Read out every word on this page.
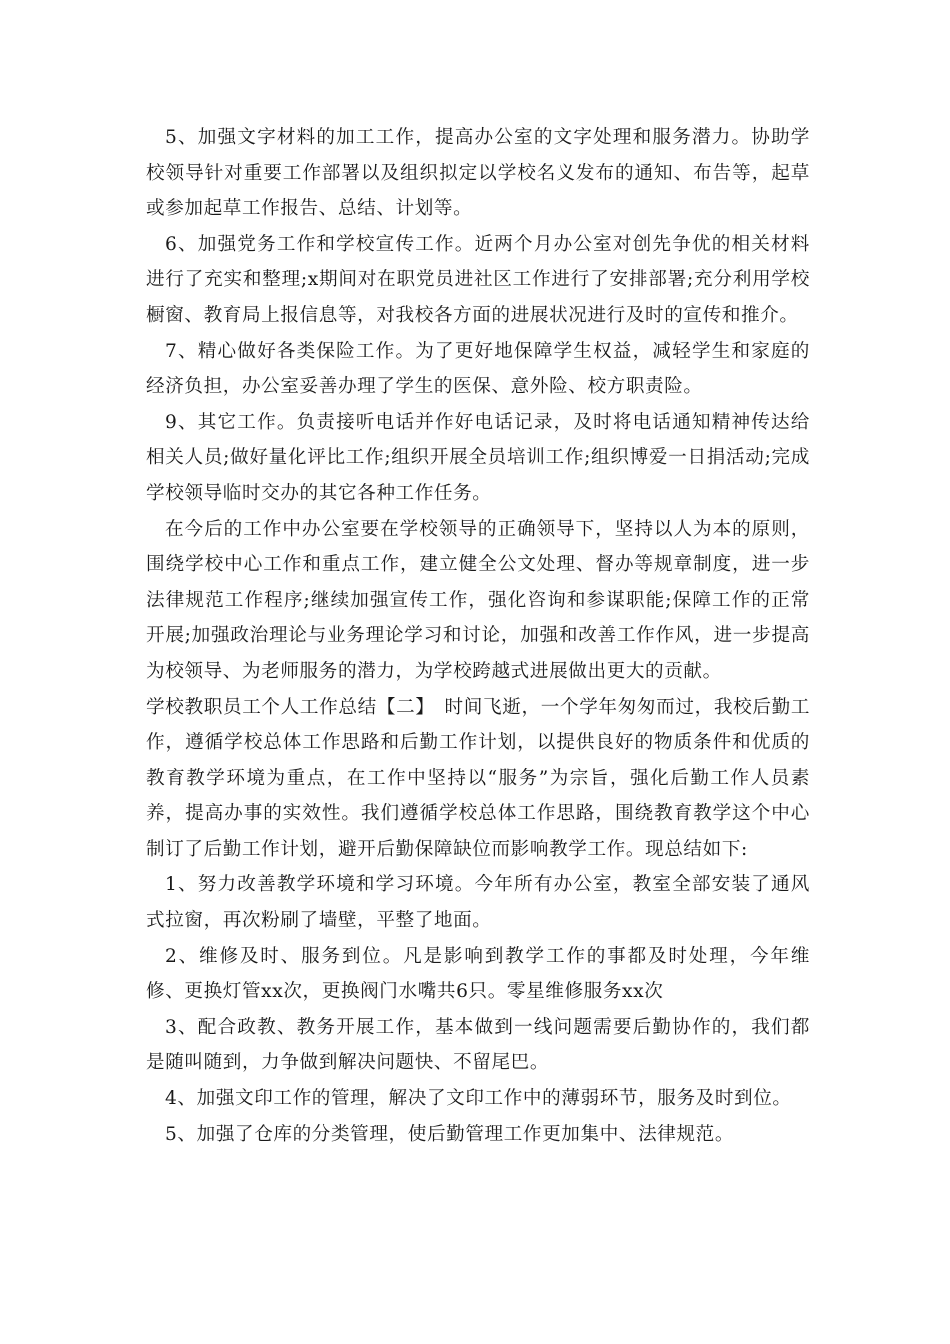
5、加强文字材料的加工工作，提高办公室的文字处理和服务潜力。协助学校领导针对重要工作部署以及组织拟定以学校名义发布的通知、布告等，起草或参加起草工作报告、总结、计划等。

6、加强党务工作和学校宣传工作。近两个月办公室对创先争优的相关材料进行了充实和整理;x期间对在职党员进社区工作进行了安排部署;充分利用学校橱窗、教育局上报信息等，对我校各方面的进展状况进行及时的宣传和推介。

7、精心做好各类保险工作。为了更好地保障学生权益，减轻学生和家庭的经济负担，办公室妥善办理了学生的医保、意外险、校方职责险。

9、其它工作。负责接听电话并作好电话记录，及时将电话通知精神传达给相关人员;做好量化评比工作;组织开展全员培训工作;组织博爱一日捐活动;完成学校领导临时交办的其它各种工作任务。

在今后的工作中办公室要在学校领导的正确领导下，坚持以人为本的原则，围绕学校中心工作和重点工作，建立健全公文处理、督办等规章制度，进一步法律规范工作程序;继续加强宣传工作，强化咨询和参谋职能;保障工作的正常开展;加强政治理论与业务理论学习和讨论，加强和改善工作作风，进一步提高为校领导、为老师服务的潜力，为学校跨越式进展做出更大的贡献。

学校教职员工个人工作总结【二】　 时间飞逝，一个学年匆匆而过，我校后勤工作，遵循学校总体工作思路和后勤工作计划，以提供良好的物质条件和优质的教育教学环境为重点，在工作中坚持以“服务”为宗旨，强化后勤工作人员素养，提高办事的实效性。我们遵循学校总体工作思路，围绕教育教学这个中心制订了后勤工作计划，避开后勤保障缺位而影响教学工作。现总结如下:

1、努力改善教学环境和学习环境。今年所有办公室，教室全部安装了通风式拉窗，再次粉刷了墙壁，平整了地面。

2、维修及时、服务到位。凡是影响到教学工作的事都及时处理，今年维修、更换灯管xx次，更换阀门水嘴共6只。零星维修服务xx次

3、配合政教、教务开展工作，基本做到一线问题需要后勤协作的，我们都是随叫随到，力争做到解决问题快、不留尾巴。

4、加强文印工作的管理，解决了文印工作中的薄弱环节，服务及时到位。

5、加强了仓库的分类管理，使后勤管理工作更加集中、法律规范。
